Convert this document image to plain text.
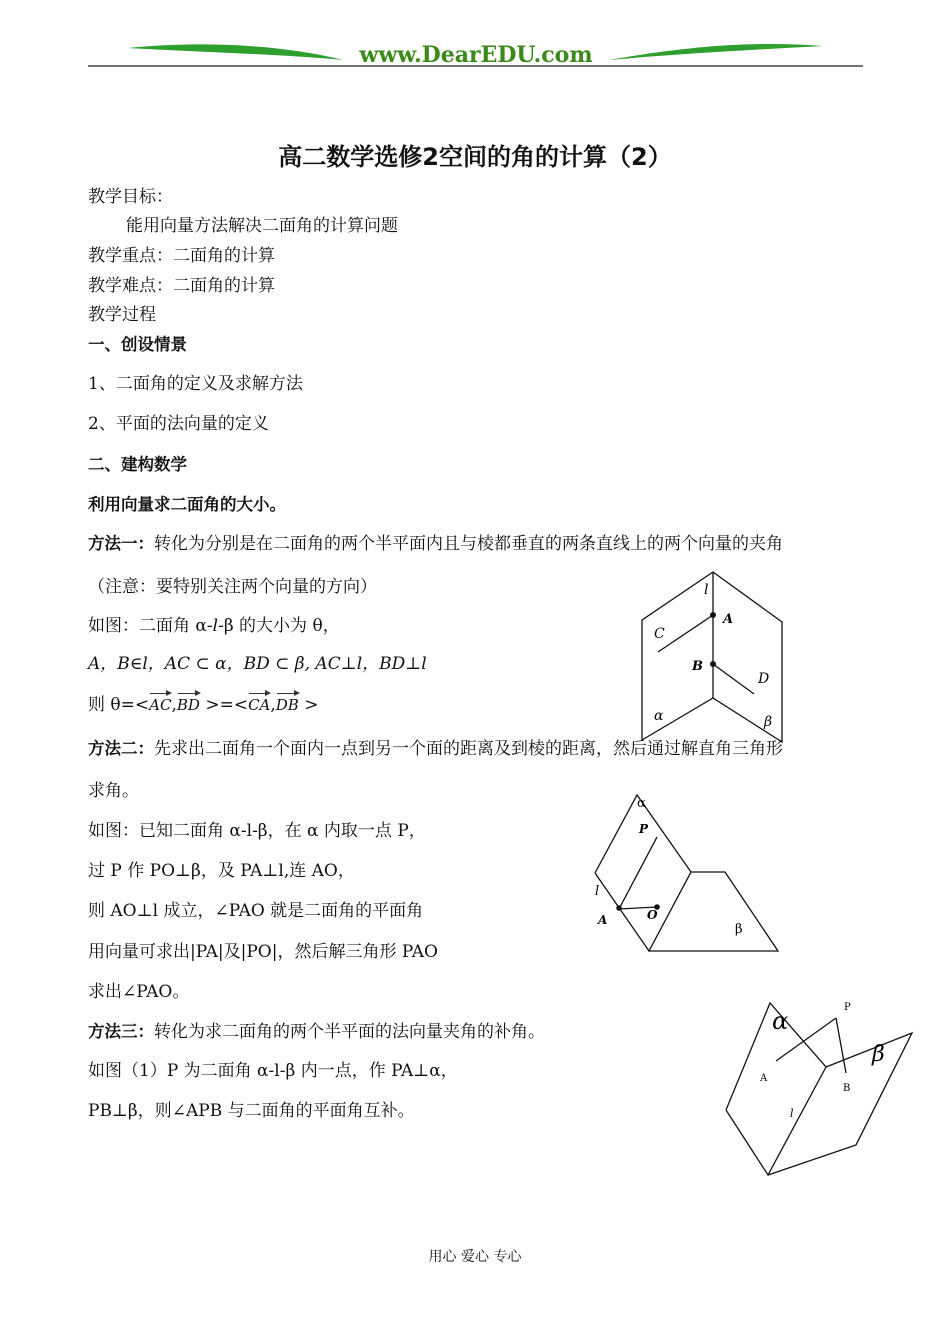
www.DearEDU.com
高二数学选修2空间的角的计算（2）
教学目标：
能用向量方法解决二面角的计算问题
教学重点：二面角的计算
教学难点：二面角的计算
教学过程
一、创设情景
1、二面角的定义及求解方法
2、平面的法向量的定义
二、建构数学
利用向量求二面角的大小。
方法一：转化为分别是在二面角的两个半平面内且与棱都垂直的两条直线上的两个向量的夹角
（注意：要特别关注两个向量的方向）
如图：二面角 α-l-β 的大小为 θ，
A，B∈l，AC ⊂ α，BD ⊂ β, AC⊥l，BD⊥l
则 θ=<AC,BD >=<CA,DB >
方法二：先求出二面角一个面内一点到另一个面的距离及到棱的距离，然后通过解直角三角形
求角。
如图：已知二面角 α-l-β，在 α 内取一点 P，
过 P 作 PO⊥β，及 PA⊥l,连 AO，
则 AO⊥l 成立，∠PAO 就是二面角的平面角
用向量可求出|PA|及|PO|，然后解三角形 PAO
求出∠PAO。
方法三：转化为求二面角的两个半平面的法向量夹角的补角。
如图（1）P 为二面角 α-l-β 内一点，作 PA⊥α，
PB⊥β，则∠APB 与二面角的平面角互补。
l
A
B
C
D
α	β
α
P
l
A	O
β
α
β
P
A
B
l
用心 爱心 专心
